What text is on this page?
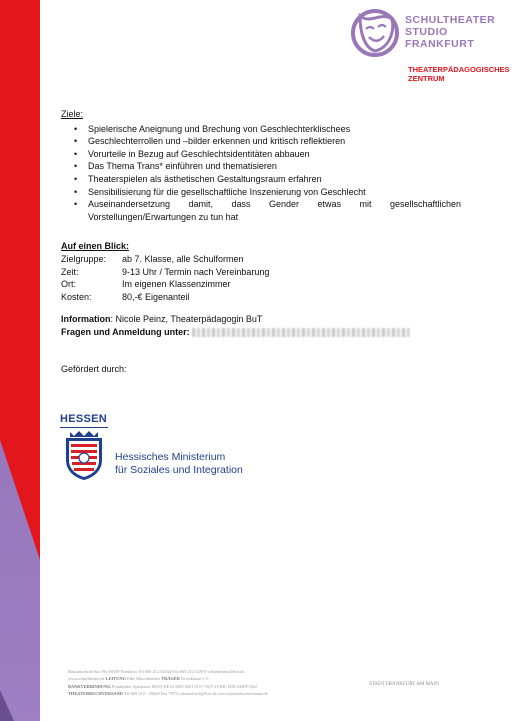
SCHULTHEATER
STUDIO
FRANKFURT
THEATERPÄDAGOGISCHES
ZENTRUM
Ziele:
• Spielerische Aneignung und Brechung von Geschlechterklischees
• Geschlechterrollen und –bilder erkennen und kritisch reflektieren
• Vorurteile in Bezug auf Geschlechtsidentitäten abbauen
• Das Thema Trans* einführen und thematisieren
• Theaterspielen als ästhetischen Gestaltungsraum erfahren
• Sensibilisierung für die gesellschaftliche Inszenierung von Geschlecht
• Auseinandersetzung damit, dass Gender etwas mit gesellschaftlichen
Vorstellungen/Erwartungen zu tun hat
Auf einen Blick:
Zielgruppe:	ab 7. Klasse, alle Schulformen
Zeit:	9-13 Uhr / Termin nach Vereinbarung
Ort:	Im eigenen Klassenzimmer
Kosten:	80,-€ Eigenanteil
Information: Nicole Peinz, Theaterpädagogin BuT
Fragen und Anmeldung unter:
Gefördert durch:
HESSEN
Hessisches Ministerium
für Soziales und Integration
Hausanschrift/Sitz Fly 60439 Frankfurt Tel 069 212 32844 Fax 069 212 32870 schultheater@live.de
www.schultheater.de LEITUNG Elke Maschlember TRÄGER Kreisklasse e.V.
BANKVERBINDUNG Frankfurter Sparkasse IBAN DE34 5005 0201 0157 9519 25 BIC HELADEF1822
THEATERBUCHVERSAND Tel 069 212 - 30648 Fax 79752 theaterbuch@live.de www.theaterbuchversand.de
STADT FRANKFURT AM MAIN
